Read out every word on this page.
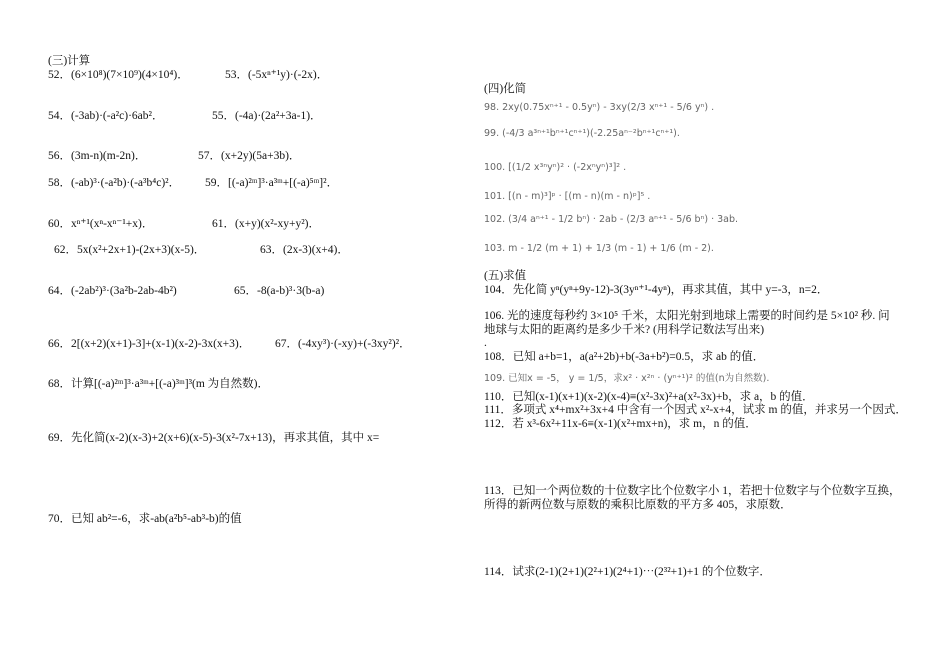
(三)计算
52．(6×10⁸)(7×10⁹)(4×10⁴)．	53．(-5xⁿ⁺¹y)·(-2x)．
54．(-3ab)·(-a²c)·6ab²．	55．(-4a)·(2a²+3a-1)．
56．(3m-n)(m-2n)．	57．(x+2y)(5a+3b)．
58．(-ab)³·(-a²b)·(-a³b⁴c)²． 59．[(-a)²ᵐ]³·a³ᵐ+[(-a)⁵ᵐ]²．
60．xⁿ⁺¹(xⁿ-xⁿ⁻¹+x)．	61．(x+y)(x²-xy+y²)．
62．5x(x²+2x+1)-(2x+3)(x-5)．	63．(2x-3)(x+4)．
64．(-2ab²)³·(3a²b-2ab-4b²)	65．-8(a-b)³·3(b-a)
66．2[(x+2)(x+1)-3]+(x-1)(x-2)-3x(x+3)． 67．(-4xy³)·(-xy)+(-3xy²)²．
68．计算[(-a)²ᵐ]³·a³ᵐ+[(-a)³ᵐ]³(m 为自然数)．
69．先化简(x-2)(x-3)+2(x+6)(x-5)-3(x²-7x+13)，再求其值，其中 x=
70．已知 ab²=-6，求-ab(a²b⁵-ab³-b)的值
(四)化简
98. 2xy(0.75xⁿ⁺¹ - 0.5yⁿ) - 3xy(2/3 xⁿ⁺¹ - 5/6 yⁿ) .
99. (-4/3 a³ⁿ⁺¹bⁿ⁺¹cⁿ⁺¹)(-2.25aⁿ⁻²bⁿ⁺¹cⁿ⁺¹).
100. [(1/2 x³ⁿyⁿ)² · (-2xⁿyⁿ)³]² .
101. [(n - m)³]ᵖ · [(m - n)(m - n)ᵖ]⁵ .
102. (3/4 aⁿ⁺¹ - 1/2 bⁿ) · 2ab - (2/3 aⁿ⁺¹ - 5/6 bⁿ) · 3ab.
103. m - 1/2 (m + 1) + 1/3 (m - 1) + 1/6 (m - 2).
(五)求值
104．先化简 yⁿ(yⁿ+9y-12)-3(3yⁿ⁺¹-4yⁿ)，再求其值，其中 y=-3，n=2．
106. 光的速度每秒约 3×10⁵ 千米，太阳光射到地球上需要的时间约是 5×10² 秒. 问
地球与太阳的距离约是多少千米? (用科学记数法写出来)
.
108．已知 a+b=1，a(a²+2b)+b(-3a+b²)=0.5，求 ab 的值．
109. 已知x = -5， y = 1/5，求x² · x²ⁿ · (yⁿ⁺¹)² 的值(n为自然数).
110．已知(x-1)(x+1)(x-2)(x-4)≡(x²-3x)²+a(x²-3x)+b，求 a，b 的值．
111．多项式 x⁴+mx²+3x+4 中含有一个因式 x²-x+4，试求 m 的值，并求另一个因式．
112．若 x³-6x²+11x-6≡(x-1)(x²+mx+n)，求 m，n 的值．
113．已知一个两位数的十位数字比个位数字小 1，若把十位数字与个位数字互换，
所得的新两位数与原数的乘积比原数的平方多 405，求原数．
114．试求(2-1)(2+1)(2²+1)(2⁴+1)⋯(2³²+1)+1 的个位数字．
